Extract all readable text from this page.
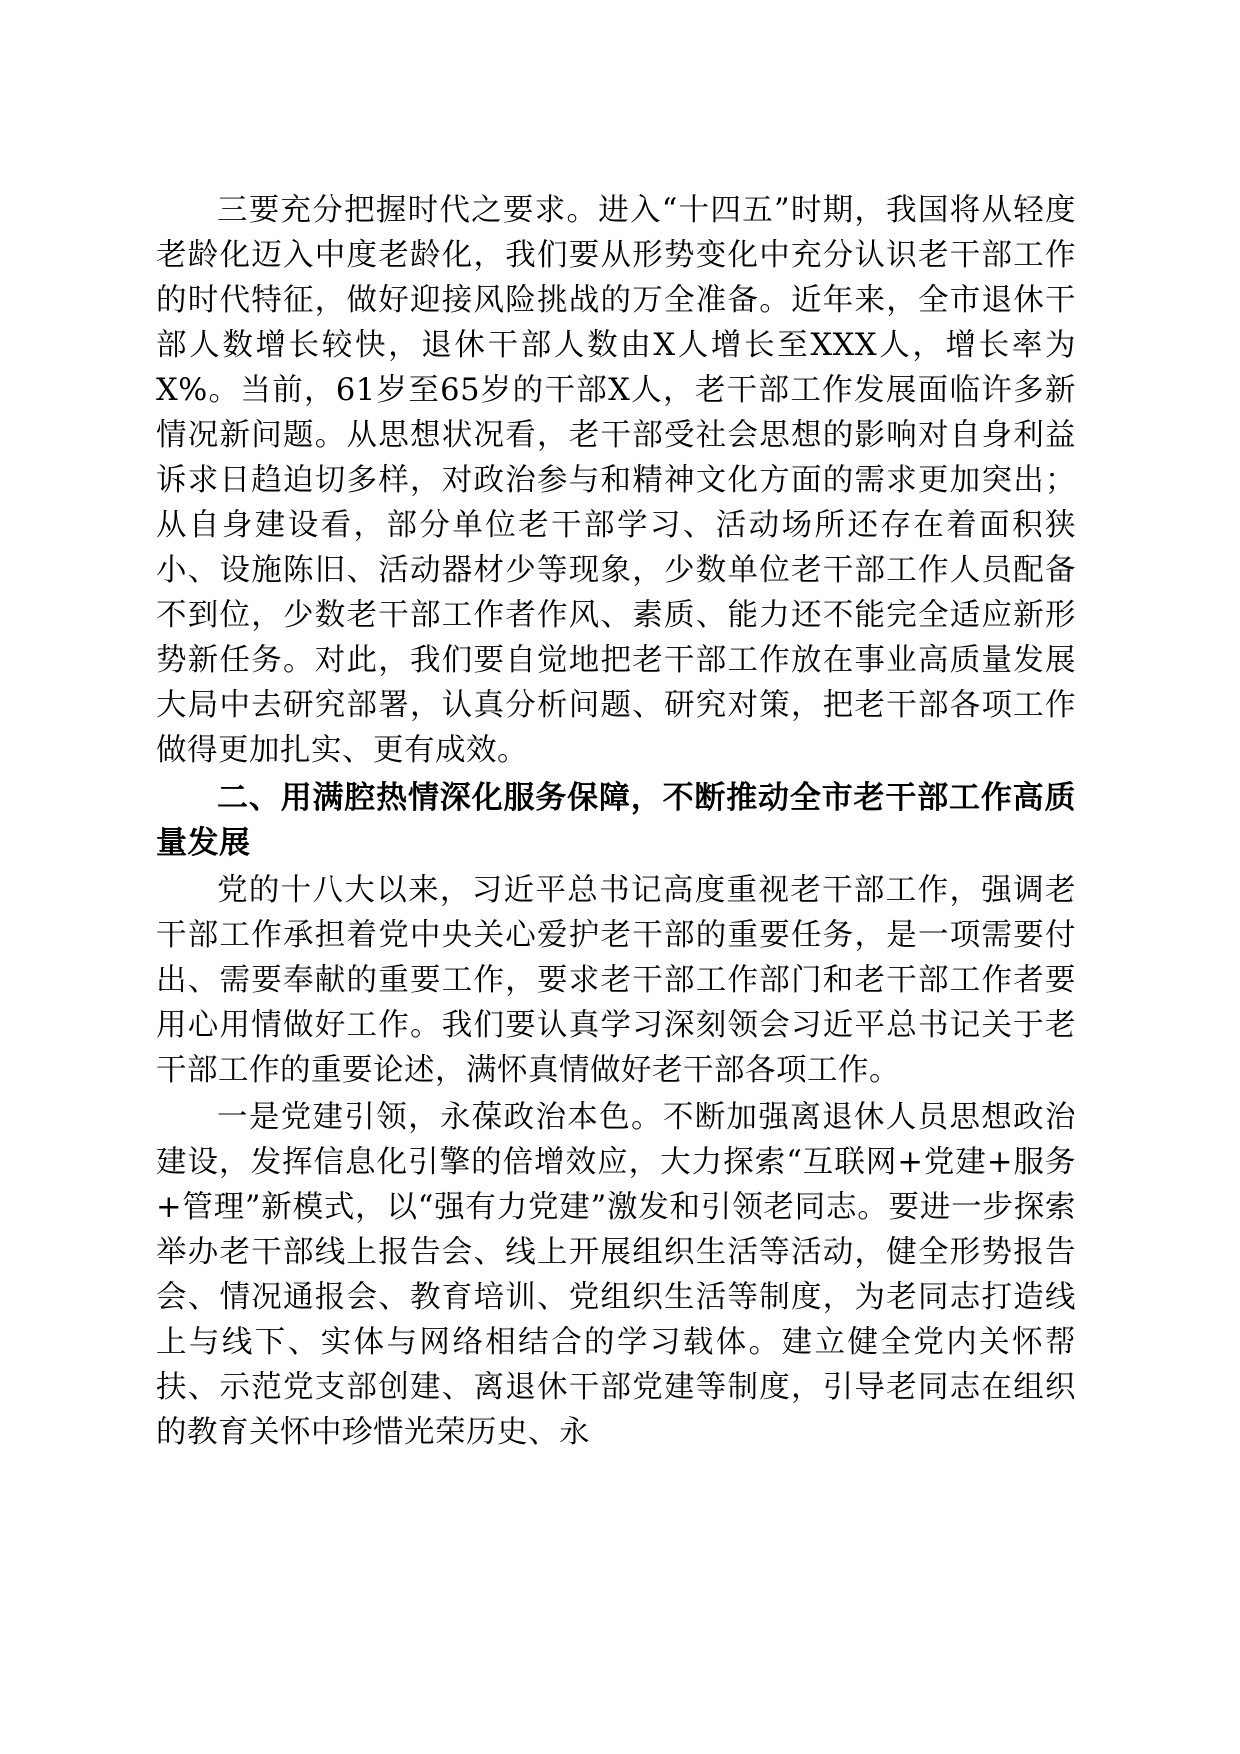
三要充分把握时代之要求。进入“十四五”时期，我国将从轻度老龄化迈入中度老龄化，我们要从形势变化中充分认识老干部工作的时代特征，做好迎接风险挑战的万全准备。近年来，全市退休干部人数增长较快，退休干部人数由X人增长至XXX人，增长率为X%。当前，61岁至65岁的干部X人，老干部工作发展面临许多新情况新问题。从思想状况看，老干部受社会思想的影响对自身利益诉求日趋迫切多样，对政治参与和精神文化方面的需求更加突出；从自身建设看，部分单位老干部学习、活动场所还存在着面积狭小、设施陈旧、活动器材少等现象，少数单位老干部工作人员配备不到位，少数老干部工作者作风、素质、能力还不能完全适应新形势新任务。对此，我们要自觉地把老干部工作放在事业高质量发展大局中去研究部署，认真分析问题、研究对策，把老干部各项工作做得更加扎实、更有成效。

二、用满腔热情深化服务保障，不断推动全市老干部工作高质量发展

党的十八大以来，习近平总书记高度重视老干部工作，强调老干部工作承担着党中央关心爱护老干部的重要任务，是一项需要付出、需要奉献的重要工作，要求老干部工作部门和老干部工作者要用心用情做好工作。我们要认真学习深刻领会习近平总书记关于老干部工作的重要论述，满怀真情做好老干部各项工作。

一是党建引领，永葆政治本色。不断加强离退休人员思想政治建设，发挥信息化引擎的倍增效应，大力探索“互联网+党建+服务+管理”新模式，以“强有力党建”激发和引领老同志。要进一步探索举办老干部线上报告会、线上开展组织生活等活动，健全形势报告会、情况通报会、教育培训、党组织生活等制度，为老同志打造线上与线下、实体与网络相结合的学习载体。建立健全党内关怀帮扶、示范党支部创建、离退休干部党建等制度，引导老同志在组织的教育关怀中珍惜光荣历史、永
